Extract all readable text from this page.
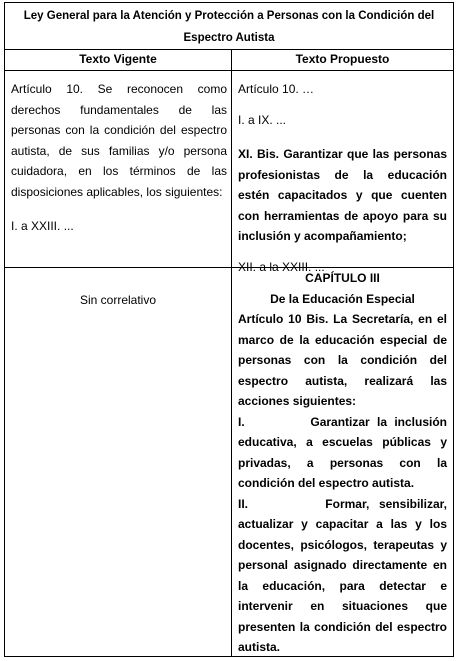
Ley General para la Atención y Protección a Personas con la Condición del Espectro Autista
Texto Vigente	Texto Propuesto

Artículo 10. Se reconocen como derechos fundamentales de las personas con la condición del espectro autista, de sus familias y/o persona cuidadora, en los términos de las disposiciones aplicables, los siguientes:

I. a XXIII. ...

Artículo 10. …

I. a IX. ...

XI. Bis. Garantizar que las personas profesionistas de la educación estén capacitados y que cuenten con herramientas de apoyo para su inclusión y acompañamiento;

XII. a la XXIII. ...

Sin correlativo

CAPÍTULO III

De la Educación Especial

Artículo 10 Bis. La Secretaría, en el marco de la educación especial de personas con la condición del espectro autista, realizará las acciones siguientes:

I.         Garantizar la inclusión educativa, a escuelas públicas y privadas, a personas con la condición del espectro autista.

II.        Formar, sensibilizar, actualizar y capacitar a las y los docentes, psicólogos, terapeutas y personal asignado directamente en la educación, para detectar e intervenir en situaciones que presenten la condición del espectro autista.
